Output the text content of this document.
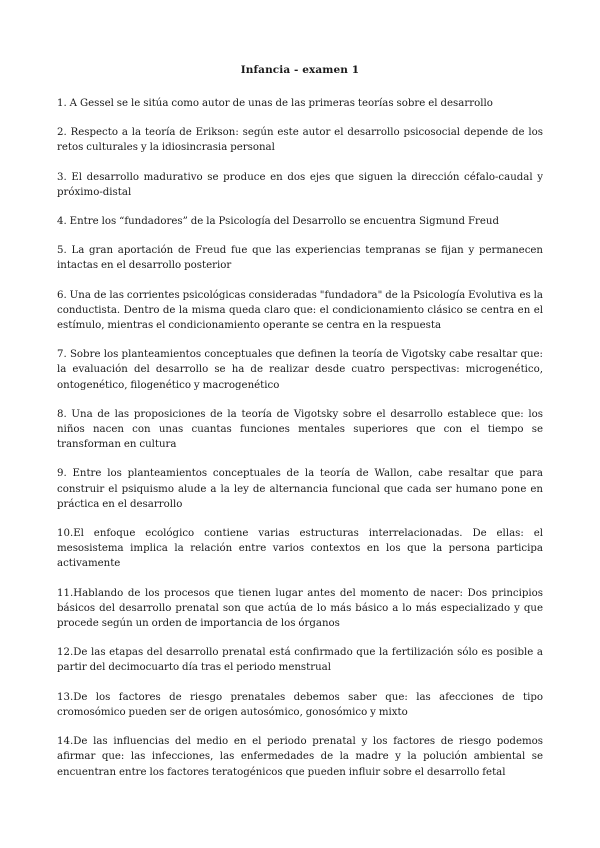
Infancia - examen 1

1. A Gessel se le sitúa como autor de unas de las primeras teorías sobre el desarrollo

2. Respecto a la teoría de Erikson: según este autor el desarrollo psicosocial depende de los retos culturales y la idiosincrasia personal

3. El desarrollo madurativo se produce en dos ejes que siguen la dirección céfalo-caudal y próximo-distal

4. Entre los “fundadores” de la Psicología del Desarrollo se encuentra Sigmund Freud

5. La gran aportación de Freud fue que las experiencias tempranas se fijan y permanecen intactas en el desarrollo posterior

6. Una de las corrientes psicológicas consideradas "fundadora" de la Psicología Evolutiva es la conductista. Dentro de la misma queda claro que: el condicionamiento clásico se centra en el estímulo, mientras el condicionamiento operante se centra en la respuesta

7. Sobre los planteamientos conceptuales que definen la teoría de Vigotsky cabe resaltar que: la evaluación del desarrollo se ha de realizar desde cuatro perspectivas: microgenético, ontogenético, filogenético y macrogenético

8. Una de las proposiciones de la teoría de Vigotsky sobre el desarrollo establece que: los niños nacen con unas cuantas funciones mentales superiores que con el tiempo se transforman en cultura

9. Entre los planteamientos conceptuales de la teoría de Wallon, cabe resaltar que para construir el psiquismo alude a la ley de alternancia funcional que cada ser humano pone en práctica en el desarrollo

10.El enfoque ecológico contiene varias estructuras interrelacionadas. De ellas: el mesosistema implica la relación entre varios contextos en los que la persona participa activamente

11.Hablando de los procesos que tienen lugar antes del momento de nacer: Dos principios básicos del desarrollo prenatal son que actúa de lo más básico a lo más especializado y que procede según un orden de importancia de los órganos

12.De las etapas del desarrollo prenatal está confirmado que la fertilización sólo es posible a partir del decimocuarto día tras el periodo menstrual

13.De los factores de riesgo prenatales debemos saber que: las afecciones de tipo cromosómico pueden ser de origen autosómico, gonosómico y mixto

14.De las influencias del medio en el periodo prenatal y los factores de riesgo podemos afirmar que: las infecciones, las enfermedades de la madre y la polución ambiental se encuentran entre los factores teratogénicos que pueden influir sobre el desarrollo fetal
